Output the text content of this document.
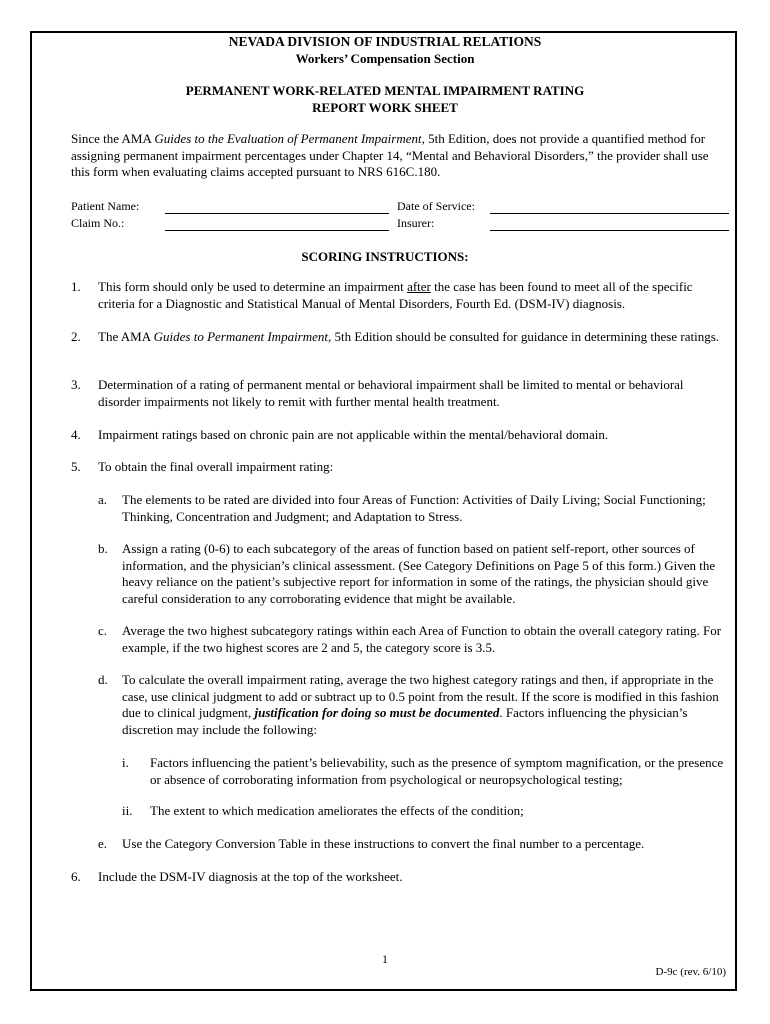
NEVADA DIVISION OF INDUSTRIAL RELATIONS
Workers’ Compensation Section
PERMANENT WORK-RELATED MENTAL IMPAIRMENT RATING
REPORT WORK SHEET
Since the AMA Guides to the Evaluation of Permanent Impairment, 5th Edition, does not provide a quantified method for assigning permanent impairment percentages under Chapter 14, “Mental and Behavioral Disorders,” the provider shall use this form when evaluating claims accepted pursuant to NRS 616C.180.
Patient Name:	Date of Service:
Claim No.:	Insurer:
SCORING INSTRUCTIONS:
1.	This form should only be used to determine an impairment after the case has been found to meet all of the specific criteria for a Diagnostic and Statistical Manual of Mental Disorders, Fourth Ed. (DSM-IV) diagnosis.
2.	The AMA Guides to Permanent Impairment, 5th Edition should be consulted for guidance in determining these ratings.
3.	Determination of a rating of permanent mental or behavioral impairment shall be limited to mental or behavioral disorder impairments not likely to remit with further mental health treatment.
4.	Impairment ratings based on chronic pain are not applicable within the mental/behavioral domain.
5.	To obtain the final overall impairment rating:
a.	The elements to be rated are divided into four Areas of Function: Activities of Daily Living; Social Functioning; Thinking, Concentration and Judgment; and Adaptation to Stress.
b.	Assign a rating (0-6) to each subcategory of the areas of function based on patient self-report, other sources of information, and the physician’s clinical assessment. (See Category Definitions on Page 5 of this form.) Given the heavy reliance on the patient’s subjective report for information in some of the ratings, the physician should give careful consideration to any corroborating evidence that might be available.
c.	Average the two highest subcategory ratings within each Area of Function to obtain the overall category rating. For example, if the two highest scores are 2 and 5, the category score is 3.5.
d.	To calculate the overall impairment rating, average the two highest category ratings and then, if appropriate in the case, use clinical judgment to add or subtract up to 0.5 point from the result. If the score is modified in this fashion due to clinical judgment, justification for doing so must be documented. Factors influencing the physician’s discretion may include the following:
i.	Factors influencing the patient’s believability, such as the presence of symptom magnification, or the presence or absence of corroborating information from psychological or neuropsychological testing;
ii.	The extent to which medication ameliorates the effects of the condition;
e.	Use the Category Conversion Table in these instructions to convert the final number to a percentage.
6.	Include the DSM-IV diagnosis at the top of the worksheet.
1
D-9c (rev. 6/10)
